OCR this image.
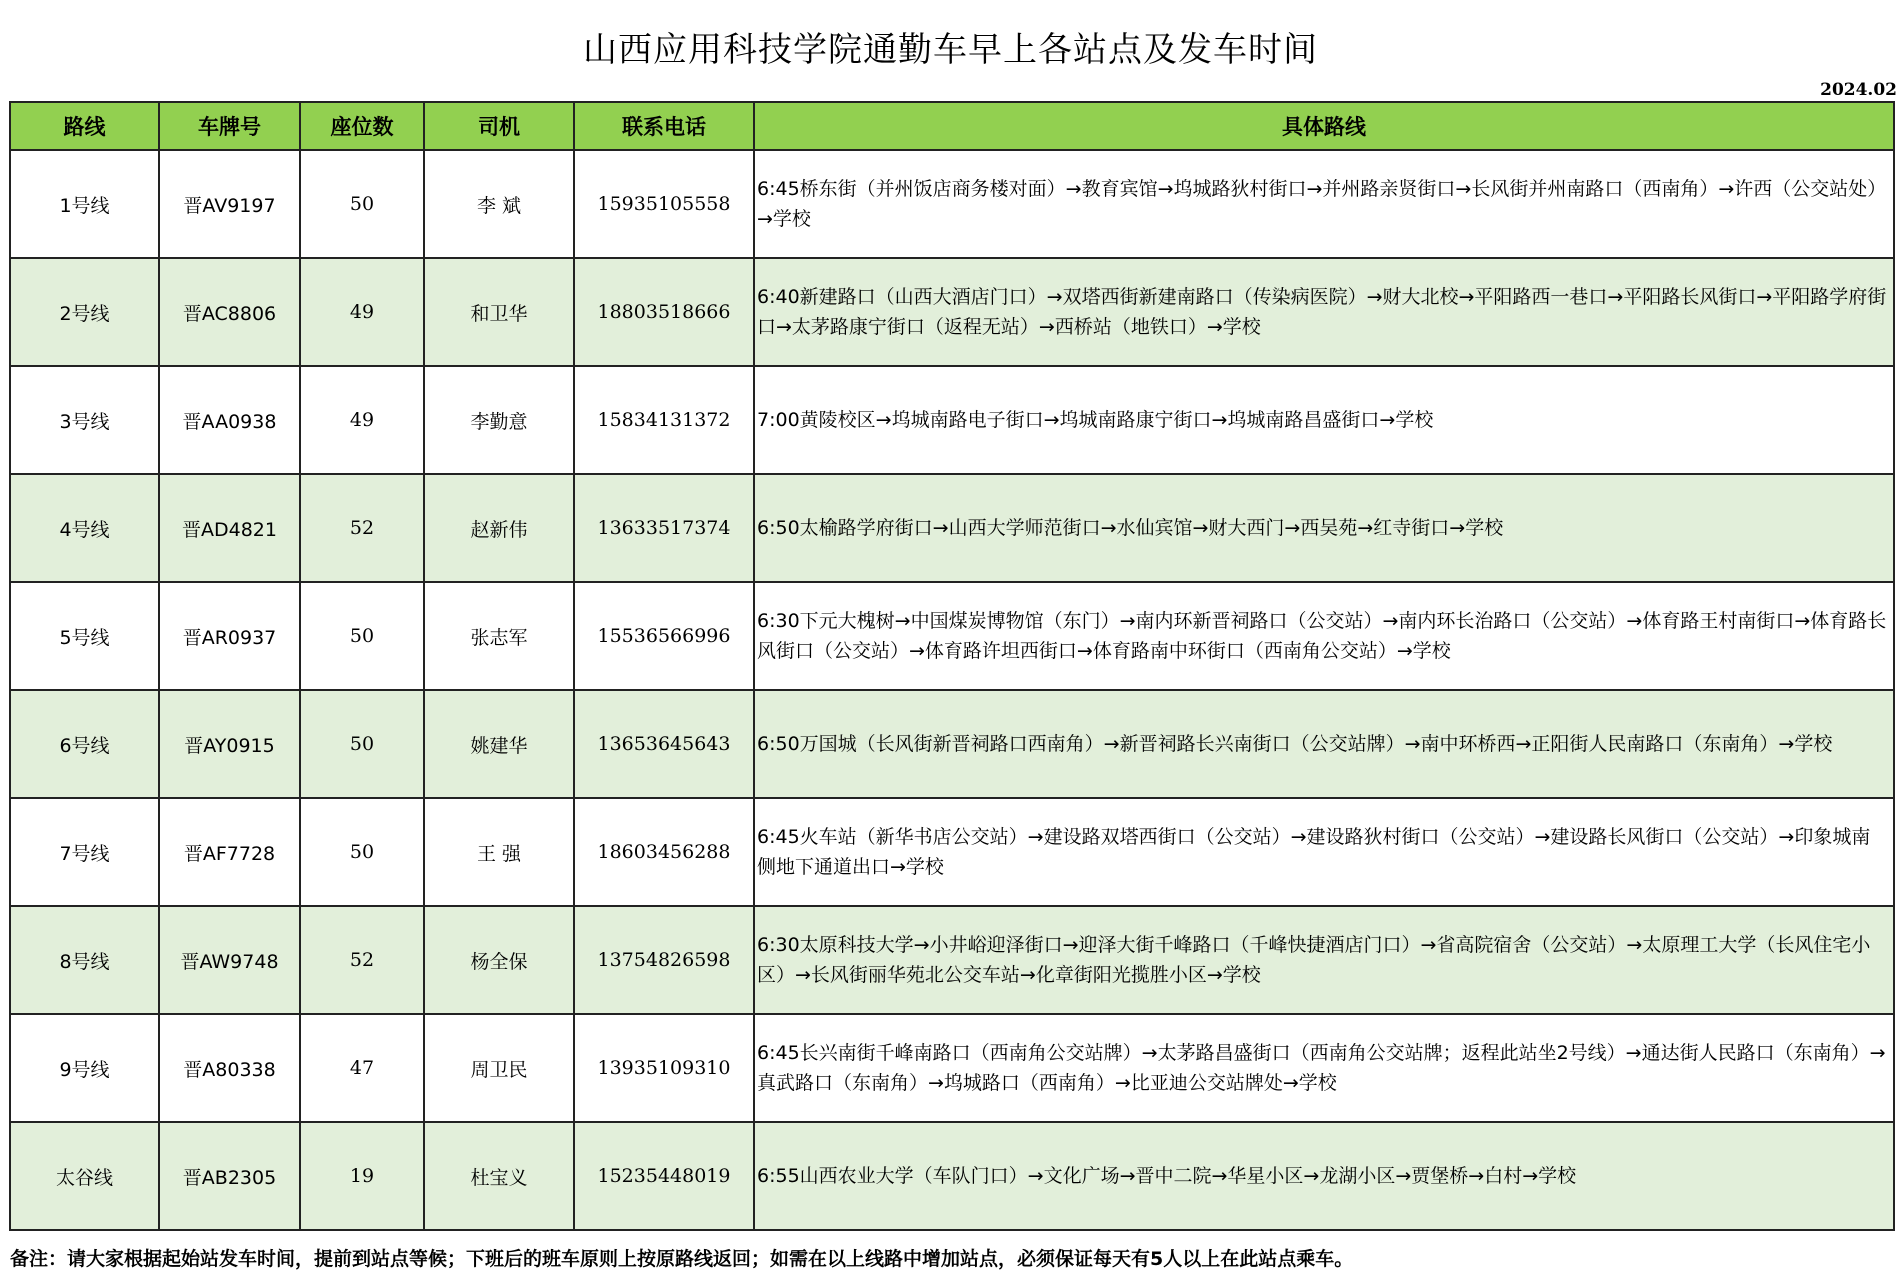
山西应用科技学院通勤车早上各站点及发车时间
2024.02
路线	车牌号	座位数	司机	联系电话	具体路线
1号线	晋AV9197	50	李 斌	15935105558	6:45桥东街（并州饭店商务楼对面）→教育宾馆→坞城路狄村街口→并州路亲贤街口→长风街并州南路口（西南角）→许西（公交站处）→学校
2号线	晋AC8806	49	和卫华	18803518666	6:40新建路口（山西大酒店门口）→双塔西街新建南路口（传染病医院）→财大北校→平阳路西一巷口→平阳路长风街口→平阳路学府街口→太茅路康宁街口（返程无站）→西桥站（地铁口）→学校
3号线	晋AA0938	49	李勤意	15834131372	7:00黄陵校区→坞城南路电子街口→坞城南路康宁街口→坞城南路昌盛街口→学校
4号线	晋AD4821	52	赵新伟	13633517374	6:50太榆路学府街口→山西大学师范街口→水仙宾馆→财大西门→西吴苑→红寺街口→学校
5号线	晋AR0937	50	张志军	15536566996	6:30下元大槐树→中国煤炭博物馆（东门）→南内环新晋祠路口（公交站）→南内环长治路口（公交站）→体育路王村南街口→体育路长风街口（公交站）→体育路许坦西街口→体育路南中环街口（西南角公交站）→学校
6号线	晋AY0915	50	姚建华	13653645643	6:50万国城（长风街新晋祠路口西南角）→新晋祠路长兴南街口（公交站牌）→南中环桥西→正阳街人民南路口（东南角）→学校
7号线	晋AF7728	50	王 强	18603456288	6:45火车站（新华书店公交站）→建设路双塔西街口（公交站）→建设路狄村街口（公交站）→建设路长风街口（公交站）→印象城南侧地下通道出口→学校
8号线	晋AW9748	52	杨全保	13754826598	6:30太原科技大学→小井峪迎泽街口→迎泽大街千峰路口（千峰快捷酒店门口）→省高院宿舍（公交站）→太原理工大学（长风住宅小区）→长风街丽华苑北公交车站→化章街阳光揽胜小区→学校
9号线	晋A80338	47	周卫民	13935109310	6:45长兴南街千峰南路口（西南角公交站牌）→太茅路昌盛街口（西南角公交站牌；返程此站坐2号线）→通达街人民路口（东南角）→真武路口（东南角）→坞城路口（西南角）→比亚迪公交站牌处→学校
太谷线	晋AB2305	19	杜宝义	15235448019	6:55山西农业大学（车队门口）→文化广场→晋中二院→华星小区→龙湖小区→贾堡桥→白村→学校
备注：请大家根据起始站发车时间，提前到站点等候；下班后的班车原则上按原路线返回；如需在以上线路中增加站点，必须保证每天有5人以上在此站点乘车。
